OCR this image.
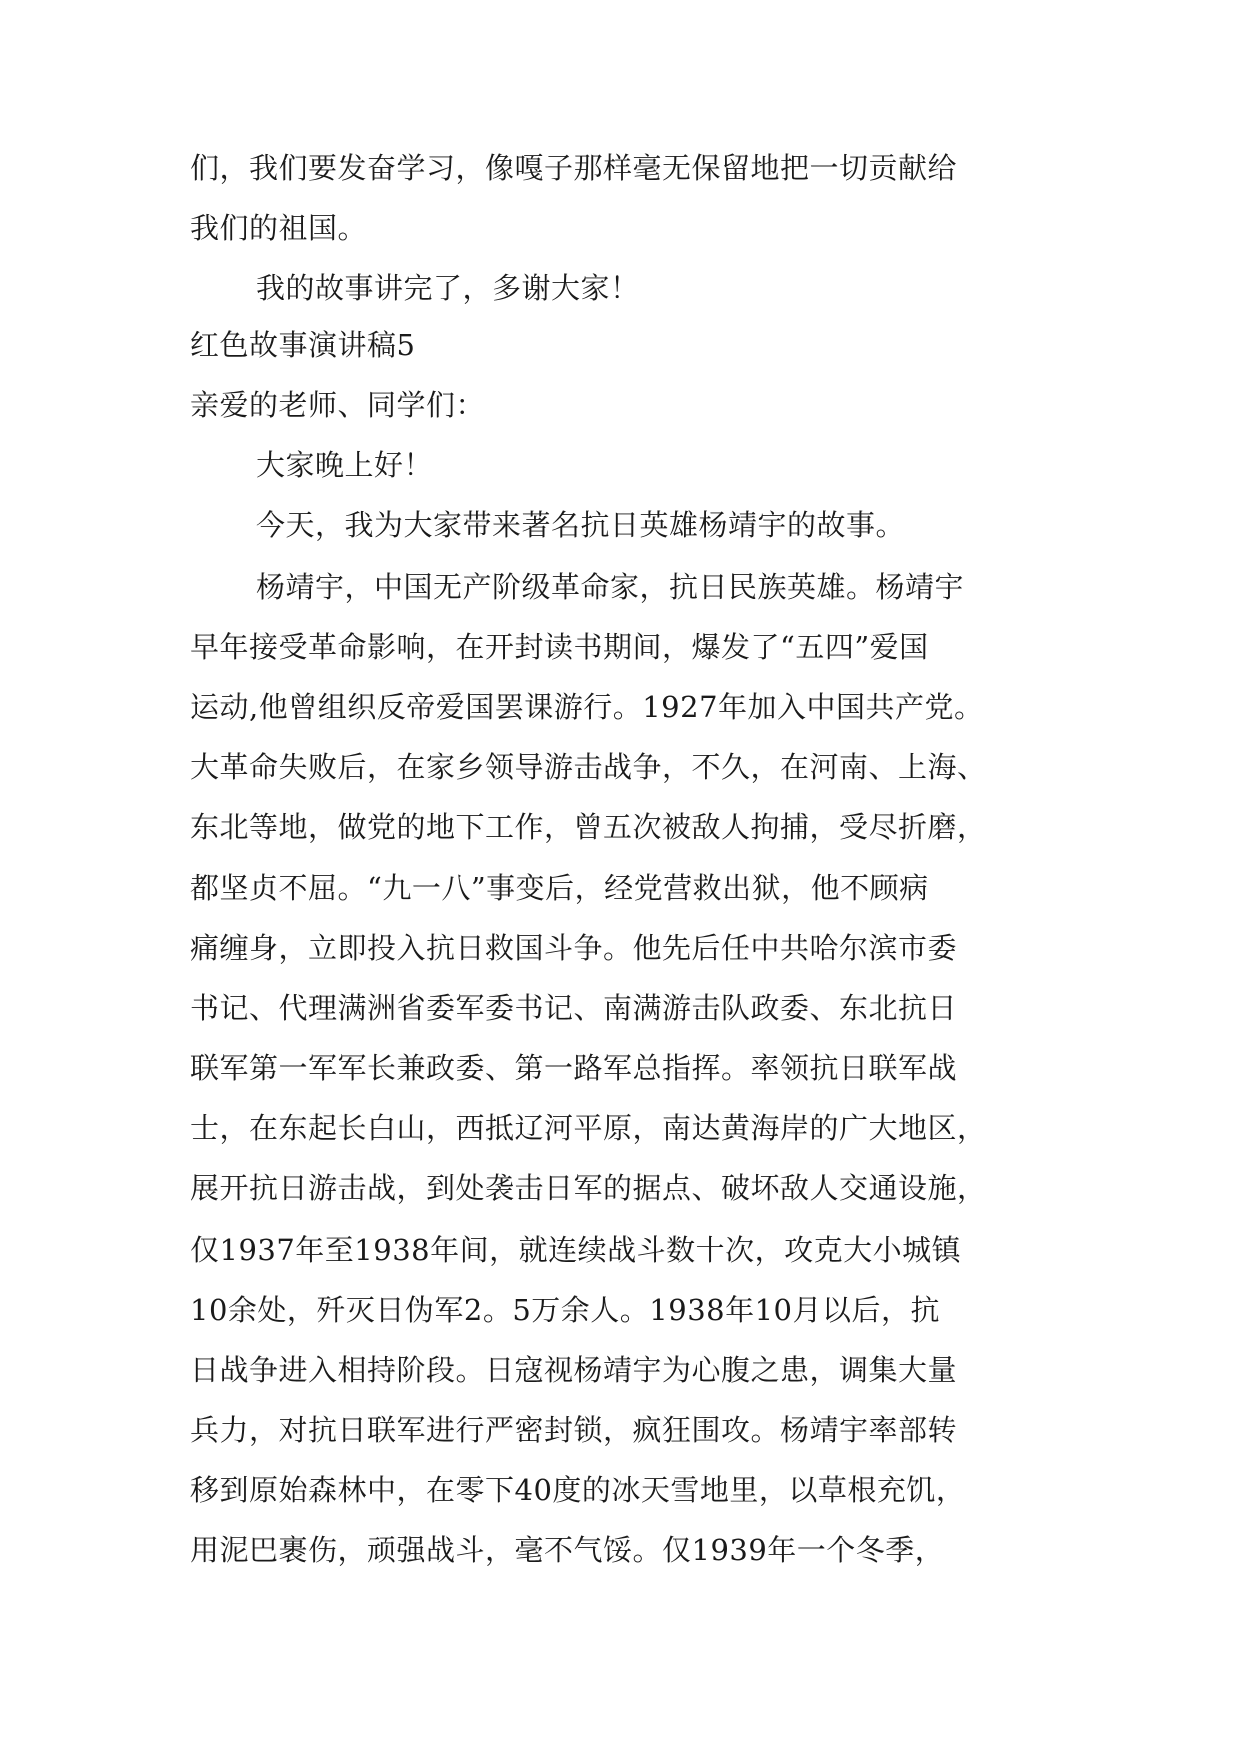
们，我们要发奋学习，像嘎子那样毫无保留地把一切贡献给
我们的祖国。
我的故事讲完了，多谢大家！
红色故事演讲稿5
亲爱的老师、同学们：
大家晚上好！
今天，我为大家带来著名抗日英雄杨靖宇的故事。
杨靖宇，中国无产阶级革命家，抗日民族英雄。杨靖宇
早年接受革命影响，在开封读书期间，爆发了“五四”爱国
运动,他曾组织反帝爱国罢课游行。1927年加入中国共产党。
大革命失败后，在家乡领导游击战争，不久，在河南、上海、
东北等地，做党的地下工作，曾五次被敌人拘捕，受尽折磨，
都坚贞不屈。“九一八”事变后，经党营救出狱，他不顾病
痛缠身，立即投入抗日救国斗争。他先后任中共哈尔滨市委
书记、代理满洲省委军委书记、南满游击队政委、东北抗日
联军第一军军长兼政委、第一路军总指挥。率领抗日联军战
士，在东起长白山，西抵辽河平原，南达黄海岸的广大地区，
展开抗日游击战，到处袭击日军的据点、破坏敌人交通设施，
仅1937年至1938年间，就连续战斗数十次，攻克大小城镇
10余处，歼灭日伪军2。5万余人。1938年10月以后，抗
日战争进入相持阶段。日寇视杨靖宇为心腹之患，调集大量
兵力，对抗日联军进行严密封锁，疯狂围攻。杨靖宇率部转
移到原始森林中，在零下40度的冰天雪地里，以草根充饥，
用泥巴裹伤，顽强战斗，毫不气馁。仅1939年一个冬季，
